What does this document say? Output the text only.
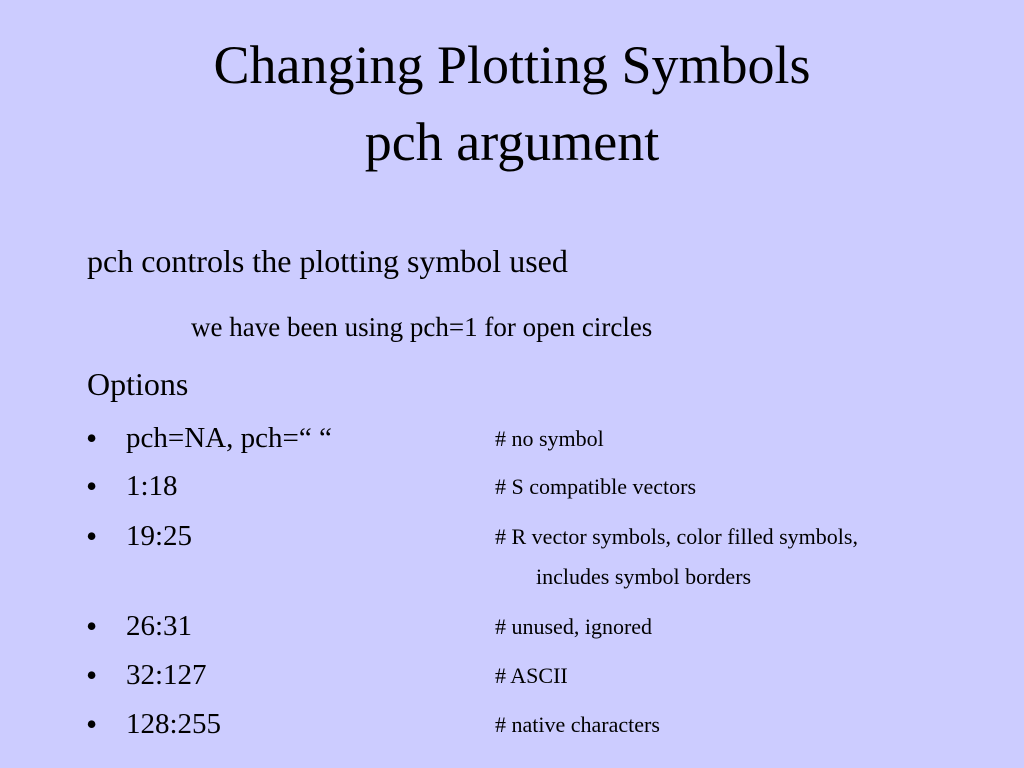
Changing Plotting Symbols
pch argument
pch controls the plotting symbol used
we have been using pch=1 for open circles
Options
• pch=NA, pch=“ “	# no symbol
• 1:18	# S compatible vectors
• 19:25	# R vector symbols, color filled symbols,
includes symbol borders
• 26:31	# unused, ignored
• 32:127	# ASCII
• 128:255	# native characters
